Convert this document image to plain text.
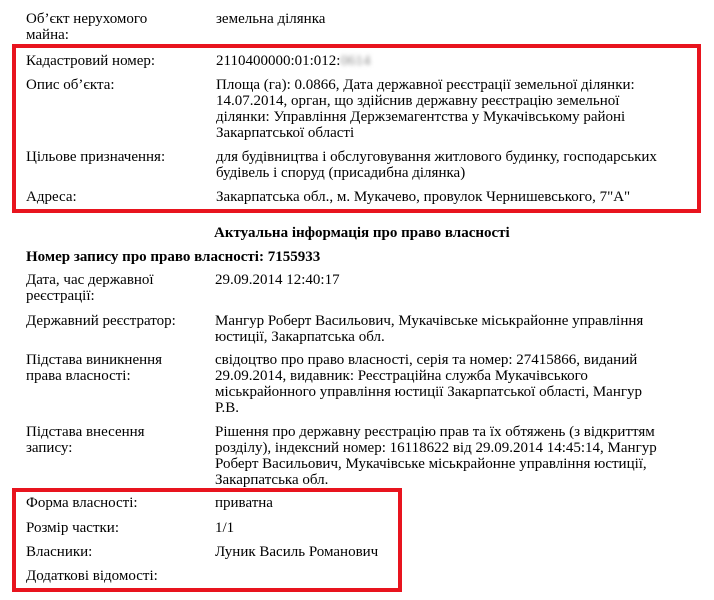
Об’єкт нерухомого
майна:
земельна ділянка
Кадастровий номер:	2110400000:01:012:0614
Опис об’єкта:	Площа (га): 0.0866, Дата державної реєстрації земельної ділянки:
14.07.2014, орган, що здійснив державну реєстрацію земельної
ділянки: Управління Держземагентства у Мукачівському районі
Закарпатської області
Цільове призначення:	для будівництва і обслуговування житлового будинку, господарських
будівель і споруд (присадибна ділянка)
Адреса:	Закарпатська обл., м. Мукачево, провулок Чернишевського, 7"А"
Актуальна інформація про право власності
Номер запису про право власності: 7155933
Дата, час державної
реєстрації:
29.09.2014 12:40:17
Державний реєстратор:	Мангур Роберт Васильович, Мукачівське міськрайонне управління
юстиції, Закарпатська обл.
Підстава виникнення
права власності:
свідоцтво про право власності, серія та номер: 27415866, виданий
29.09.2014, видавник: Реєстраційна служба Мукачівського
міськрайонного управління юстиції Закарпатської області, Мангур
Р.В.
Підстава внесення
запису:
Рішення про державну реєстрацію прав та їх обтяжень (з відкриттям
розділу), індексний номер: 16118622 від 29.09.2014 14:45:14, Мангур
Роберт Васильович, Мукачівське міськрайонне управління юстиції,
Закарпатська обл.
Форма власності:	приватна
Розмір частки:	1/1
Власники:	Луник Василь Романович
Додаткові відомості:
